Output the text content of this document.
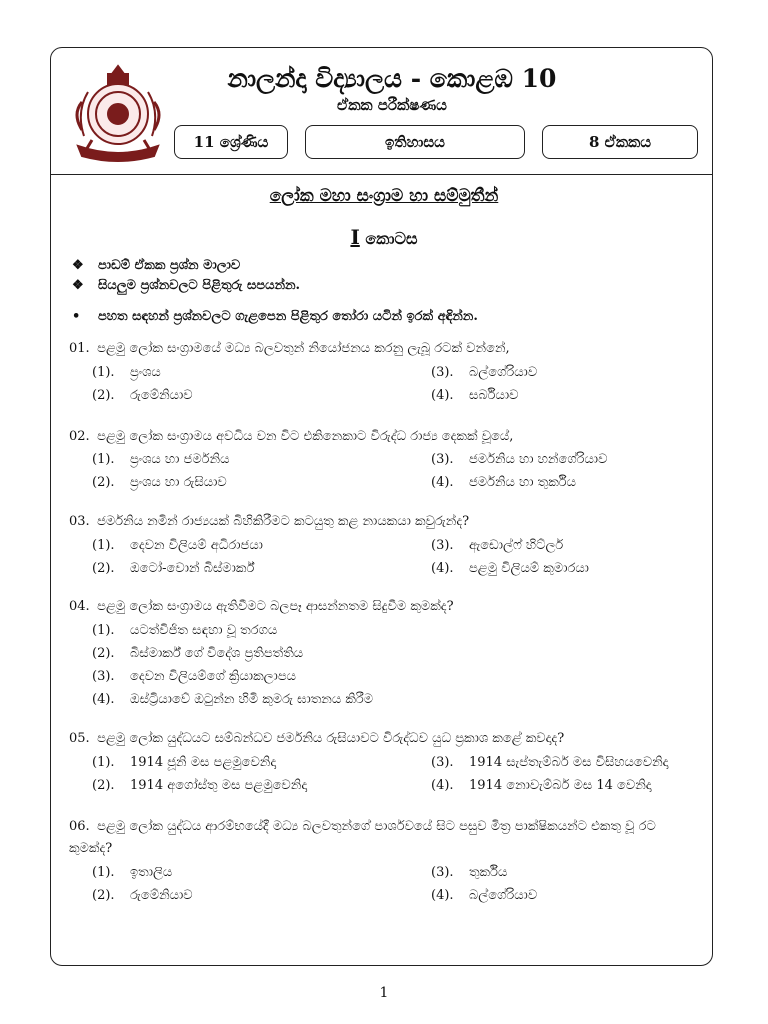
නාලන්දා විද්‍යාලය - කොළඹ 10
ඒකක පරීක්ෂණය
11 ශ්‍රේණිය	ඉතිහාසය	8 ඒකකය
ලෝක මහා සංග්‍රාම හා සම්මුතීන්
I කොටස
❖ පාඩම් ඒකක ප්‍රශ්න මාලාව
❖ සියලුම ප්‍රශ්නවලට පිළිතුරු සපයන්න.
• පහත සඳහන් ප්‍රශ්නවලට ගැළපෙන පිළිතුර තෝරා යටින් ඉරක් අඳින්න.
01. පළමු ලෝක සංග්‍රාමයේ මධ්‍ය බලවතුන් නියෝජනය කරනු ලැබූ රටක් වන්නේ,
(1). ප්‍රංශය
(2). රුමේනියාව
(3). බල්ගේරියාව
(4). සර්බියාව
02. පළමු ලෝක සංග්‍රාමය අවධිය වන විට එකිනෙකාට විරුද්ධ රාජ්‍ය දෙකක් වූයේ,
(1). ප්‍රංශය හා ජර්මනිය
(2). ප්‍රංශය හා රුසියාව
(3). ජර්මනිය හා හන්ගේරියාව
(4). ජර්මනිය හා තුර්කිය
03. ජර්මනිය නමින් රාජ්‍යයක් බිහිකිරීමට කටයුතු කළ නායකයා කවුරුන්ද?
(1). දෙවන විලියම් අධිරාජයා
(2). ඔටෝ-වොන් බිස්මාර්ක්
(3). ඇඩොල්ෆ් හිට්ලර්
(4). පළමු විලියම් කුමාරයා
04. පළමු ලෝක සංග්‍රාමය ඇතිවීමට බලපෑ ආසන්නතම සිදුවීම කුමක්ද?
(1). යටත්විජිත සඳහා වූ තරගය
(2). බිස්මාර්ක් ගේ විදේශ ප්‍රතිපත්තිය
(3). දෙවන විලියම්ගේ ක්‍රියාකලාපය
(4). ඔස්ට්‍රියාවේ ඔටුන්න හිමි කුමරු ඝාතනය කිරීම
05. පළමු ලෝක යුද්ධයට සම්බන්ධව ජර්මනිය රුසියාවට විරුද්ධව යුධ ප්‍රකාශ කළේ කවදාද?
(1). 1914 ජූනි මස පළමුවෙනිදා
(2). 1914 අගෝස්තු මස පළමුවෙනිදා
(3). 1914 සැප්තැම්බර් මස විසිහයවෙනිදා
(4). 1914 නොවැම්බර් මස 14 වෙනිදා
06. පළමු ලෝක යුද්ධය ආරම්භයේදී මධ්‍ය බලවතුන්ගේ පාර්ශවයේ සිට පසුව මිත්‍ර පාක්ෂිකයන්ට එකතු වූ රට කුමක්ද?
(1). ඉතාලිය
(2). රුමේනියාව
(3). තුර්කිය
(4). බල්ගේරියාව
1
